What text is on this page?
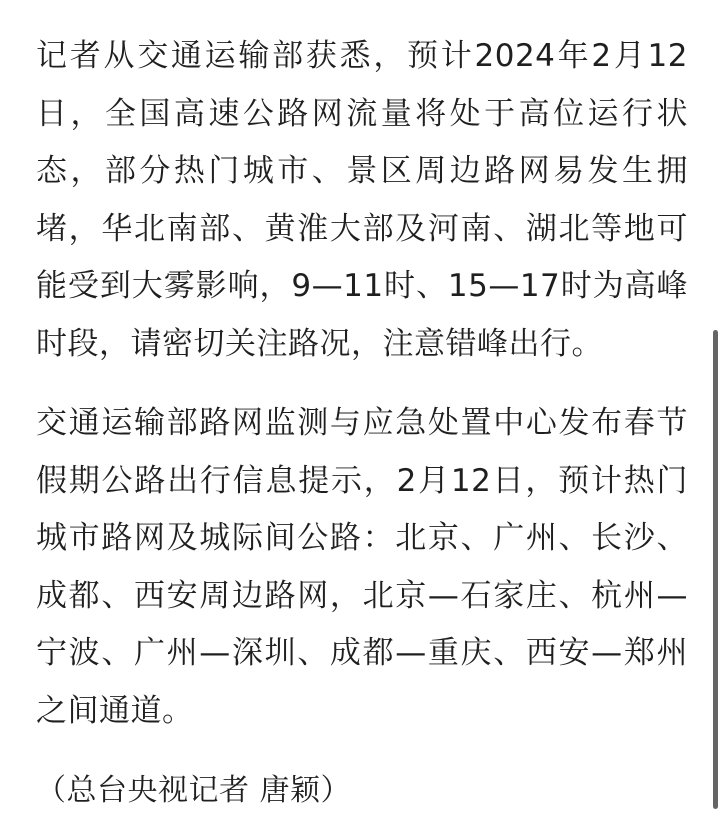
记者从交通运输部获悉，预计2024年2月12日，全国高速公路网流量将处于高位运行状态，部分热门城市、景区周边路网易发生拥堵，华北南部、黄淮大部及河南、湖北等地可能受到大雾影响，9—11时、15—17时为高峰时段，请密切关注路况，注意错峰出行。

交通运输部路网监测与应急处置中心发布春节假期公路出行信息提示，2月12日，预计热门城市路网及城际间公路：北京、广州、长沙、成都、西安周边路网，北京—石家庄、杭州—宁波、广州—深圳、成都—重庆、西安—郑州之间通道。

（总台央视记者 唐颖）
